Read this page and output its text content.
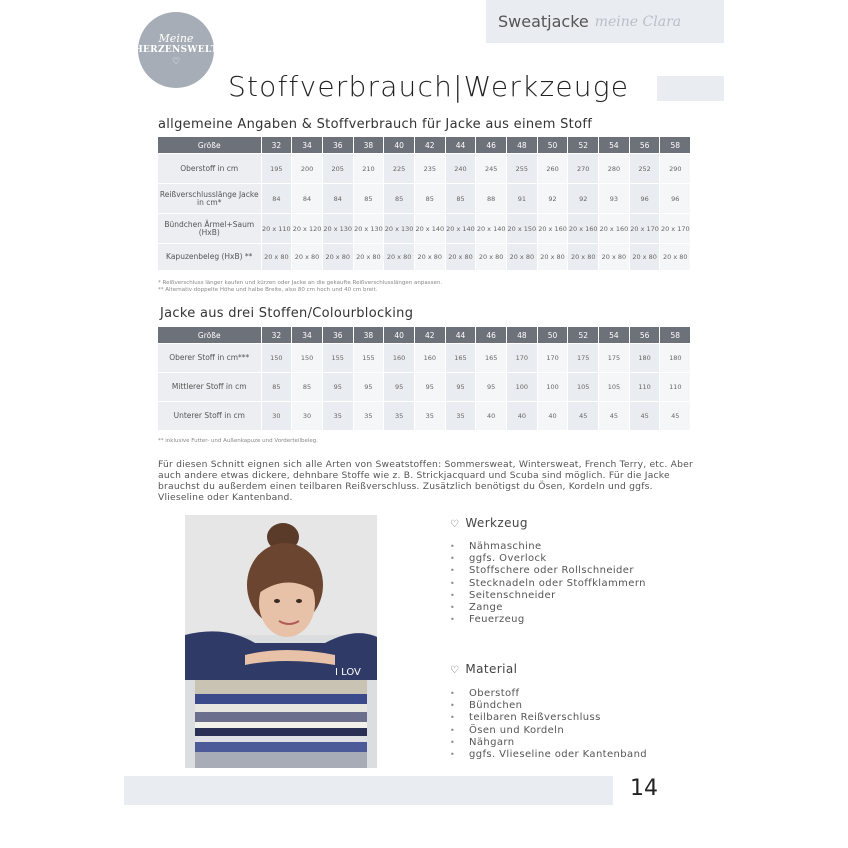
Meine
HERZENSWELT
♡
Sweatjacke meine Clara
Stoffverbrauch|Werkzeuge
allgemeine Angaben & Stoffverbrauch für Jacke aus einem Stoff
Größe	32	34	36	38	40	42	44	46	48	50	52	54	56	58
Oberstoff in cm	195	200	205	210	225	235	240	245	255	260	270	280	252	290
Reißverschlusslänge Jacke in cm*	84	84	84	85	85	85	85	88	91	92	92	93	96	96
Bündchen Ärmel+Saum (HxB)	20 x 110	20 x 120	20 x 130	20 x 130	20 x 130	20 x 140	20 x 140	20 x 140	20 x 150	20 x 160	20 x 160	20 x 160	20 x 170	20 x 170
Kapuzenbeleg (HxB) **	20 x 80	20 x 80	20 x 80	20 x 80	20 x 80	20 x 80	20 x 80	20 x 80	20 x 80	20 x 80	20 x 80	20 x 80	20 x 80	20 x 80
* Reißverschluss länger kaufen und kürzen oder Jacke an die gekaufte Reißverschlusslängen anpassen.
** Alternativ doppelte Höhe und halbe Breite, also 80 cm hoch und 40 cm breit.
Jacke aus drei Stoffen/Colourblocking
Größe	32	34	36	38	40	42	44	46	48	50	52	54	56	58
Oberer Stoff in cm***	150	150	155	155	160	160	165	165	170	170	175	175	180	180
Mittlerer Stoff in cm	85	85	95	95	95	95	95	95	100	100	105	105	110	110
Unterer Stoff in cm	30	30	35	35	35	35	35	40	40	40	45	45	45	45
** inklusive Futter- und Außenkapuze und Vorderteilbeleg.
Für diesen Schnitt eignen sich alle Arten von Sweatstoffen: Sommersweat, Wintersweat, French Terry, etc. Aber auch andere etwas dickere, dehnbare Stoffe wie z. B. Strickjacquard und Scuba sind möglich. Für die Jacke brauchst du außerdem einen teilbaren Reißverschluss. Zusätzlich benötigst du Ösen, Kordeln und ggfs. Vlieseline oder Kantenband.
I LOV
♡ Werkzeug
• Nähmaschine
• ggfs. Overlock
• Stoffschere oder Rollschneider
• Stecknadeln oder Stoffklammern
• Seitenschneider
• Zange
• Feuerzeug
♡ Material
• Oberstoff
• Bündchen
• teilbaren Reißverschluss
• Ösen und Kordeln
• Nähgarn
• ggfs. Vlieseline oder Kantenband
14
